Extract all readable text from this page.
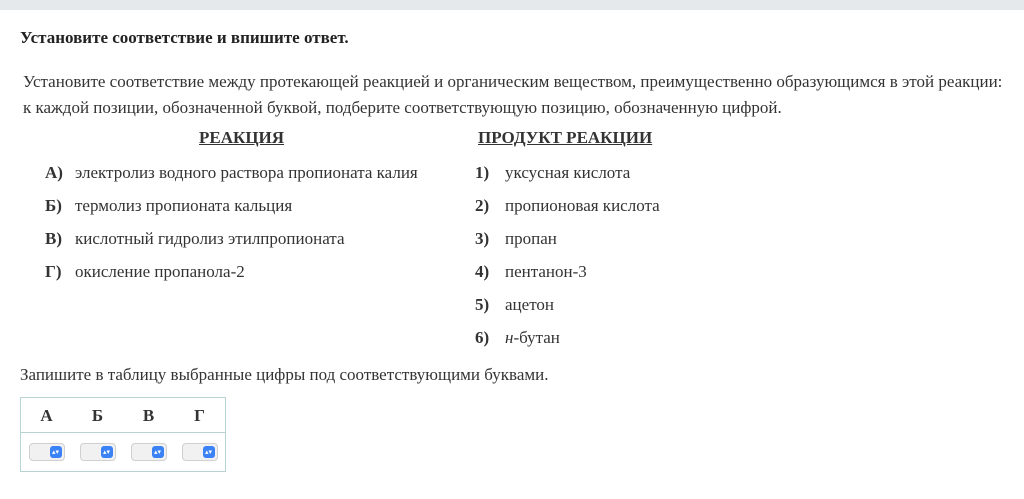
Установите соответствие и впишите ответ.
Установите соответствие между протекающей реакцией и органическим веществом, преимущественно образующимся в этой реакции: к каждой позиции, обозначенной буквой, подберите соответствующую позицию, обозначенную цифрой.
РЕАКЦИЯ	ПРОДУКТ РЕАКЦИИ
А) электролиз водного раствора пропионата калия
Б) термолиз пропионата кальция
В) кислотный гидролиз этилпропионата
Г) окисление пропанола-2
1) уксусная кислота
2) пропионовая кислота
3) пропан
4) пентанон-3
5) ацетон
6) н-бутан
Запишите в таблицу выбранные цифры под соответствующими буквами.
А	Б	В	Г
▴▾	▴▾	▴▾	▴▾
